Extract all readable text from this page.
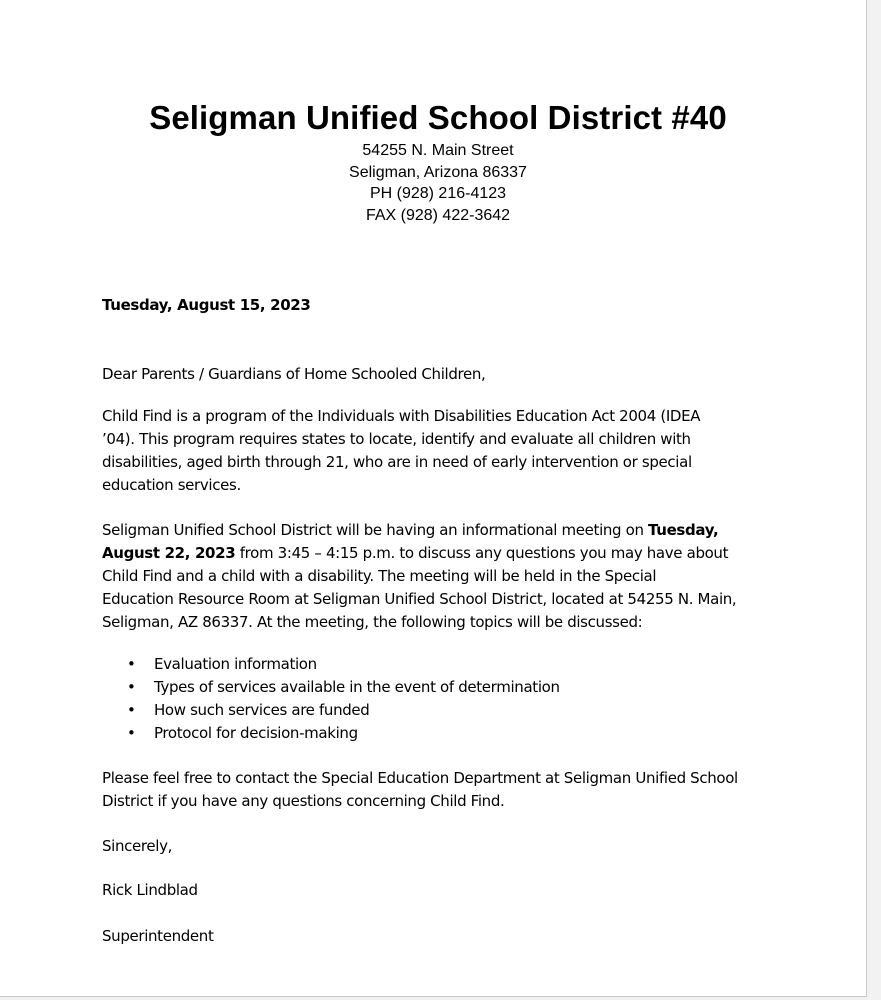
Seligman Unified School District #40
54255 N. Main Street
Seligman, Arizona 86337
PH (928) 216-4123
FAX (928) 422-3642

Tuesday, August 15, 2023

Dear Parents / Guardians of Home Schooled Children,

Child Find is a program of the Individuals with Disabilities Education Act 2004 (IDEA
’04). This program requires states to locate, identify and evaluate all children with
disabilities, aged birth through 21, who are in need of early intervention or special
education services.
Seligman Unified School District will be having an informational meeting on Tuesday,
August 22, 2023 from 3:45 – 4:15 p.m. to discuss any questions you may have about
Child Find and a child with a disability. The meeting will be held in the Special
Education Resource Room at Seligman Unified School District, located at 54255 N. Main,
Seligman, AZ 86337. At the meeting, the following topics will be discussed:
• Evaluation information
• Types of services available in the event of determination
• How such services are funded
• Protocol for decision-making
Please feel free to contact the Special Education Department at Seligman Unified School
District if you have any questions concerning Child Find.

Sincerely,

Rick Lindblad

Superintendent
